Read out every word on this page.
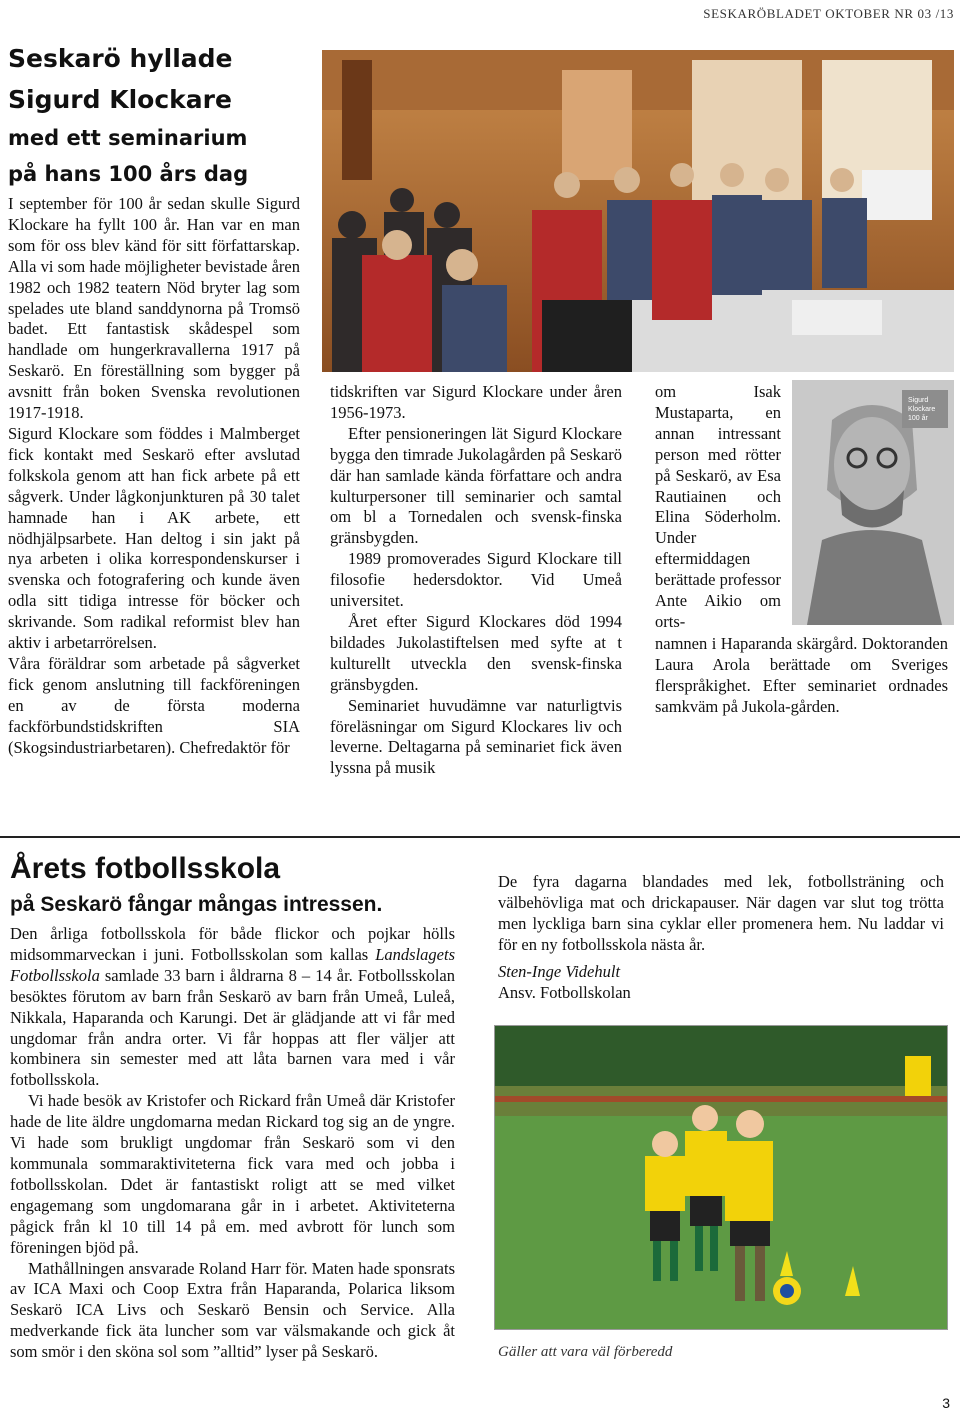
SESKARÖBLADET OKTOBER NR 03 /13
Seskarö hyllade
Sigurd Klockare
med ett seminarium
på hans 100 års dag

I september för 100 år sedan skulle Sigurd Klockare ha fyllt 100 år. Han var en man som för oss blev känd för sitt författarskap. Alla vi som hade möjligheter bevistade åren 1982 och 1982 teatern Nöd bryter lag som spelades ute bland sanddynorna på Tromsö badet. Ett fantastisk skådespel som handlade om hungerkravallerna 1917 på Seskarö. En föreställning som bygger på avsnitt från boken Svenska revolutionen 1917-1918.

Sigurd Klockare som föddes i Malmberget fick kontakt med Seskarö efter avslutad folkskola genom att han fick arbete på ett sågverk. Under lågkonjunkturen på 30 talet hamnade han i AK arbete, ett nödhjälpsarbete. Han deltog i sin jakt på nya arbeten i olika korrespondenskurser i svenska och fotografering och kunde även odla sitt tidiga intresse för böcker och skrivande. Som radikal reformist blev han aktiv i arbetarrörelsen.

Våra föräldrar som arbetade på sågverket fick genom anslutning till fackföreningen en av de första moderna fackförbundstidskriften SIA (Skogsindustriarbetaren). Chefredaktör för

tidskriften var Sigurd Klockare under åren 1956-1973.

Efter pensioneringen lät Sigurd Klockare bygga den timrade Jukolagården på Seskarö där han samlade kända författare och andra kulturpersoner till seminarier och samtal om bl a Tornedalen och svensk-finska gränsbygden.

1989 promoverades Sigurd Klockare till filosofie hedersdoktor. Vid Umeå universitet.

Året efter Sigurd Klockares död 1994 bildades Jukolastiftelsen med syfte at t kulturellt utveckla den svensk-finska gränsbygden.

Seminariet huvudämne var naturligtvis föreläsningar om Sigurd Klockares liv och leverne. Deltagarna på seminariet fick även lyssna på musik

om Isak Mustaparta, en annan intressant person med rötter på Seskarö, av Esa Rautiainen och Elina Söderholm. Under eftermiddagen berättade professor Ante Aikio om orts-

Sigurd
Klockare
100 år

namnen i Haparanda skärgård. Doktoranden Laura Arola berättade om Sveriges flerspråkighet. Efter seminariet ordnades samkväm på Jukola-gården.

Årets fotbollsskola
på Seskarö fångar mångas intressen.

Den årliga fotbollsskola för både flickor och pojkar hölls midsommarveckan i juni. Fotbollsskolan som kallas Landslagets Fotbollsskola samlade 33 barn i åldrarna 8 – 14 år. Fotbollsskolan besöktes förutom av barn från Seskarö av barn från Umeå, Luleå, Nikkala, Haparanda och Karungi. Det är glädjande att vi får med ungdomar från andra orter. Vi får hoppas att fler väljer att kombinera sin semester med att låta barnen vara med i vår fotbollsskola.

Vi hade besök av Kristofer och Rickard från Umeå där Kristofer hade de lite äldre ungdomarna medan Rickard tog sig an de yngre. Vi hade som brukligt ungdomar från Seskarö som vi den kommunala sommaraktiviteterna fick vara med och jobba i fotbollsskolan. Ddet är fantastiskt roligt att se med vilket engagemang som ungdomarana går in i arbetet. Aktiviteterna pågick från kl 10 till 14 på em. med avbrott för lunch som föreningen bjöd på.

Mathållningen ansvarade Roland Harr för. Maten hade sponsrats av ICA Maxi och Coop Extra från Haparanda, Polarica liksom Seskarö ICA Livs och Seskarö Bensin och Service. Alla medverkande fick äta luncher som var välsmakande och gick åt som smör i den sköna sol som ”alltid” lyser på Seskarö.

De fyra dagarna blandades med lek, fotbollsträning och välbehövliga mat och drickapauser. När dagen var slut tog trötta men lyckliga barn sina cyklar eller promenera hem. Nu laddar vi för en ny fotbollsskola nästa år.

Sten-Inge Videhult

Ansv. Fotbollskolan

Gäller att vara väl förberedd
3
